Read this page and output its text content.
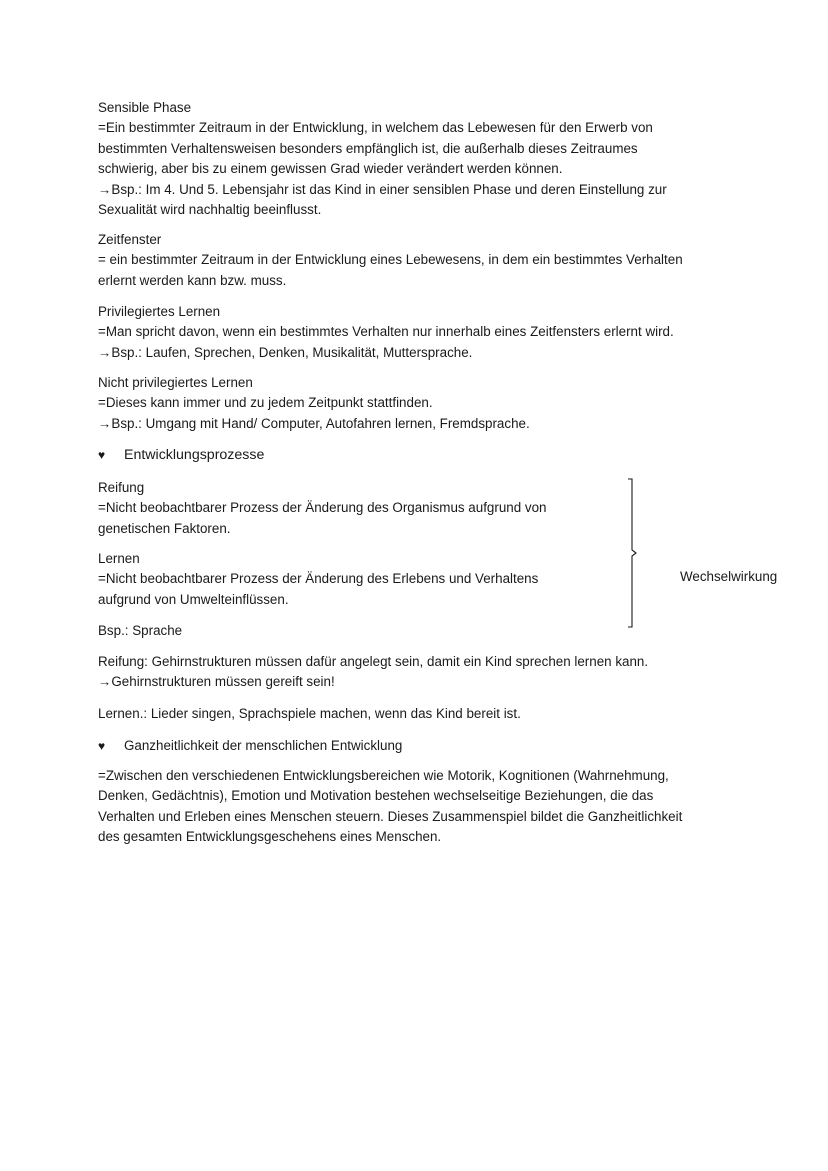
Sensible Phase
=Ein bestimmter Zeitraum in der Entwicklung, in welchem das Lebewesen für den Erwerb von
bestimmten Verhaltensweisen besonders empfänglich ist, die außerhalb dieses Zeitraumes
schwierig, aber bis zu einem gewissen Grad wieder verändert werden können.
→Bsp.: Im 4. Und 5. Lebensjahr ist das Kind in einer sensiblen Phase und deren Einstellung zur
Sexualität wird nachhaltig beeinflusst.
Zeitfenster
= ein bestimmter Zeitraum in der Entwicklung eines Lebewesens, in dem ein bestimmtes Verhalten
erlernt werden kann bzw. muss.
Privilegiertes Lernen
=Man spricht davon, wenn ein bestimmtes Verhalten nur innerhalb eines Zeitfensters erlernt wird.
→Bsp.: Laufen, Sprechen, Denken, Musikalität, Muttersprache.
Nicht privilegiertes Lernen
=Dieses kann immer und zu jedem Zeitpunkt stattfinden.
→Bsp.: Umgang mit Hand/ Computer, Autofahren lernen, Fremdsprache.
♥ Entwicklungsprozesse
Reifung
=Nicht beobachtbarer Prozess der Änderung des Organismus aufgrund von
genetischen Faktoren.
Lernen
=Nicht beobachtbarer Prozess der Änderung des Erlebens und Verhaltens
aufgrund von Umwelteinflüssen.
Wechselwirkung
Bsp.: Sprache
Reifung: Gehirnstrukturen müssen dafür angelegt sein, damit ein Kind sprechen lernen kann.
→Gehirnstrukturen müssen gereift sein!
Lernen.: Lieder singen, Sprachspiele machen, wenn das Kind bereit ist.
♥ Ganzheitlichkeit der menschlichen Entwicklung
=Zwischen den verschiedenen Entwicklungsbereichen wie Motorik, Kognitionen (Wahrnehmung,
Denken, Gedächtnis), Emotion und Motivation bestehen wechselseitige Beziehungen, die das
Verhalten und Erleben eines Menschen steuern. Dieses Zusammenspiel bildet die Ganzheitlichkeit
des gesamten Entwicklungsgeschehens eines Menschen.
